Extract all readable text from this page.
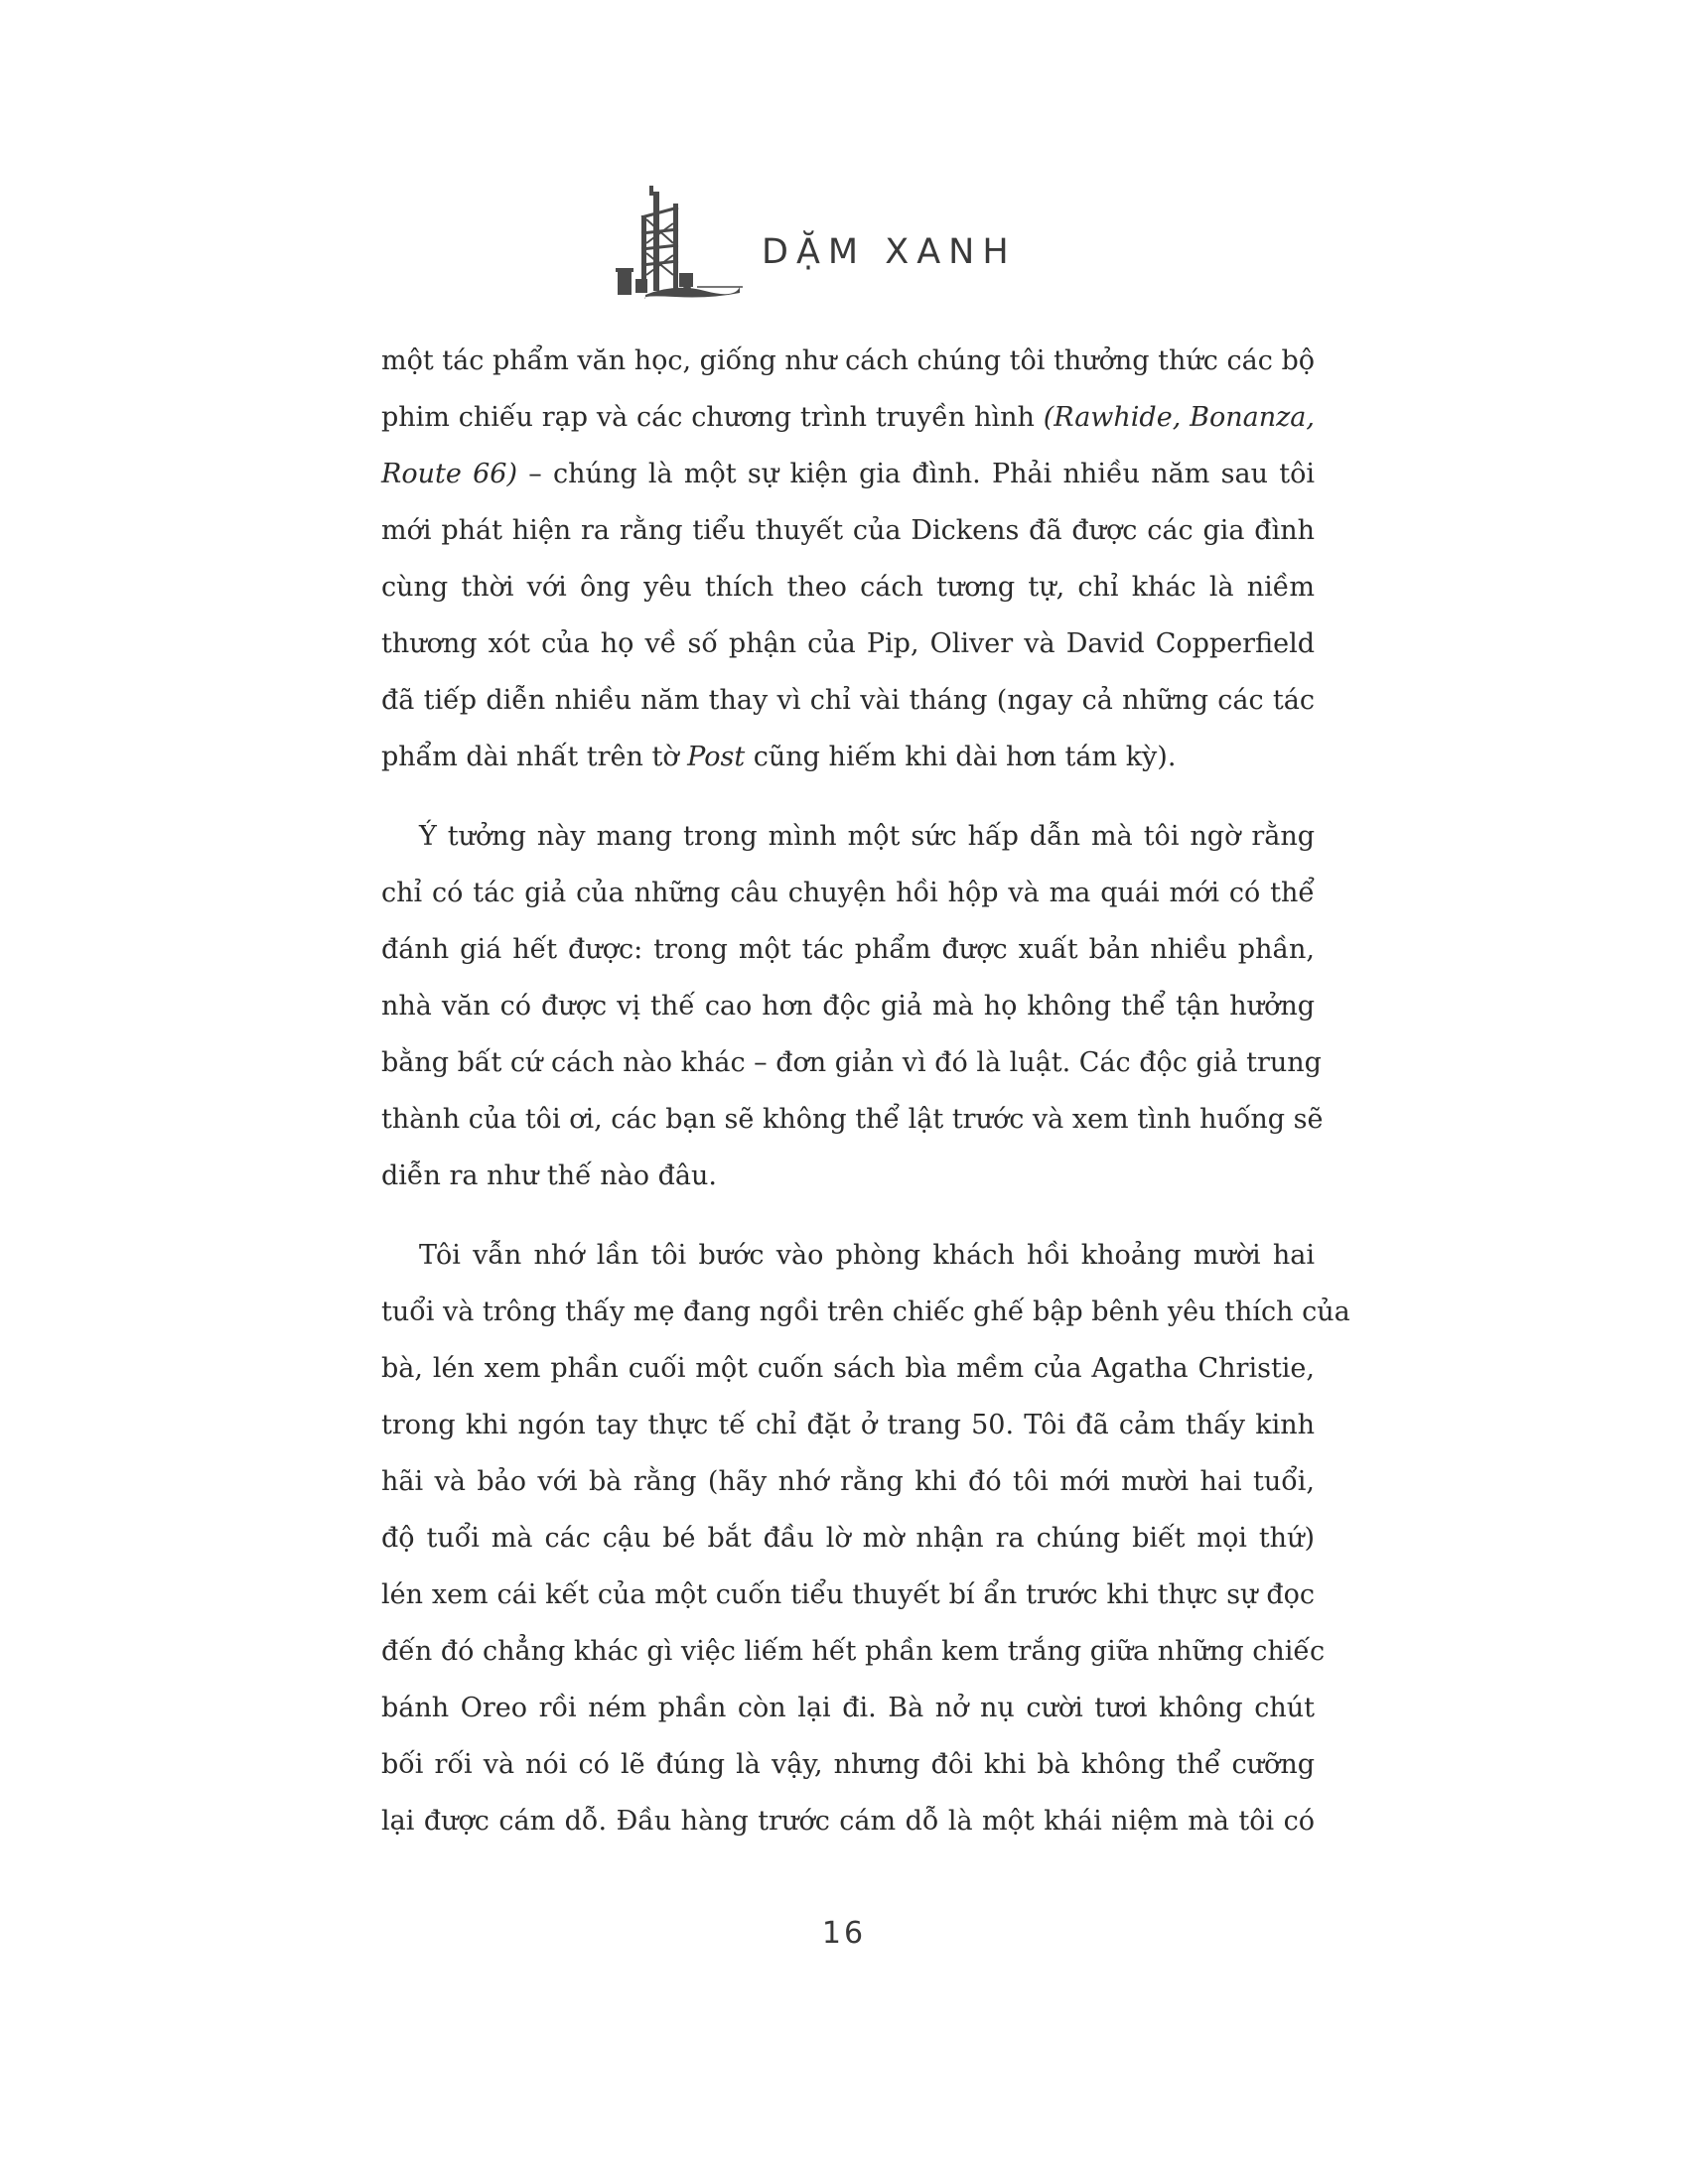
DẶM XANH

một tác phẩm văn học, giống như cách chúng tôi thưởng thức các bộ
phim chiếu rạp và các chương trình truyền hình (Rawhide, Bonanza,
Route 66) – chúng là một sự kiện gia đình. Phải nhiều năm sau tôi
mới phát hiện ra rằng tiểu thuyết của Dickens đã được các gia đình
cùng thời với ông yêu thích theo cách tương tự, chỉ khác là niềm
thương xót của họ về số phận của Pip, Oliver và David Copperfield
đã tiếp diễn nhiều năm thay vì chỉ vài tháng (ngay cả những các tác
phẩm dài nhất trên tờ Post cũng hiếm khi dài hơn tám kỳ).

Ý tưởng này mang trong mình một sức hấp dẫn mà tôi ngờ rằng
chỉ có tác giả của những câu chuyện hồi hộp và ma quái mới có thể
đánh giá hết được: trong một tác phẩm được xuất bản nhiều phần,
nhà văn có được vị thế cao hơn độc giả mà họ không thể tận hưởng
bằng bất cứ cách nào khác – đơn giản vì đó là luật. Các độc giả trung
thành của tôi ơi, các bạn sẽ không thể lật trước và xem tình huống sẽ
diễn ra như thế nào đâu.

Tôi vẫn nhớ lần tôi bước vào phòng khách hồi khoảng mười hai
tuổi và trông thấy mẹ đang ngồi trên chiếc ghế bập bênh yêu thích của
bà, lén xem phần cuối một cuốn sách bìa mềm của Agatha Christie,
trong khi ngón tay thực tế chỉ đặt ở trang 50. Tôi đã cảm thấy kinh
hãi và bảo với bà rằng (hãy nhớ rằng khi đó tôi mới mười hai tuổi,
độ tuổi mà các cậu bé bắt đầu lờ mờ nhận ra chúng biết mọi thứ)
lén xem cái kết của một cuốn tiểu thuyết bí ẩn trước khi thực sự đọc
đến đó chẳng khác gì việc liếm hết phần kem trắng giữa những chiếc
bánh Oreo rồi ném phần còn lại đi. Bà nở nụ cười tươi không chút
bối rối và nói có lẽ đúng là vậy, nhưng đôi khi bà không thể cưỡng
lại được cám dỗ. Đầu hàng trước cám dỗ là một khái niệm mà tôi có

16
